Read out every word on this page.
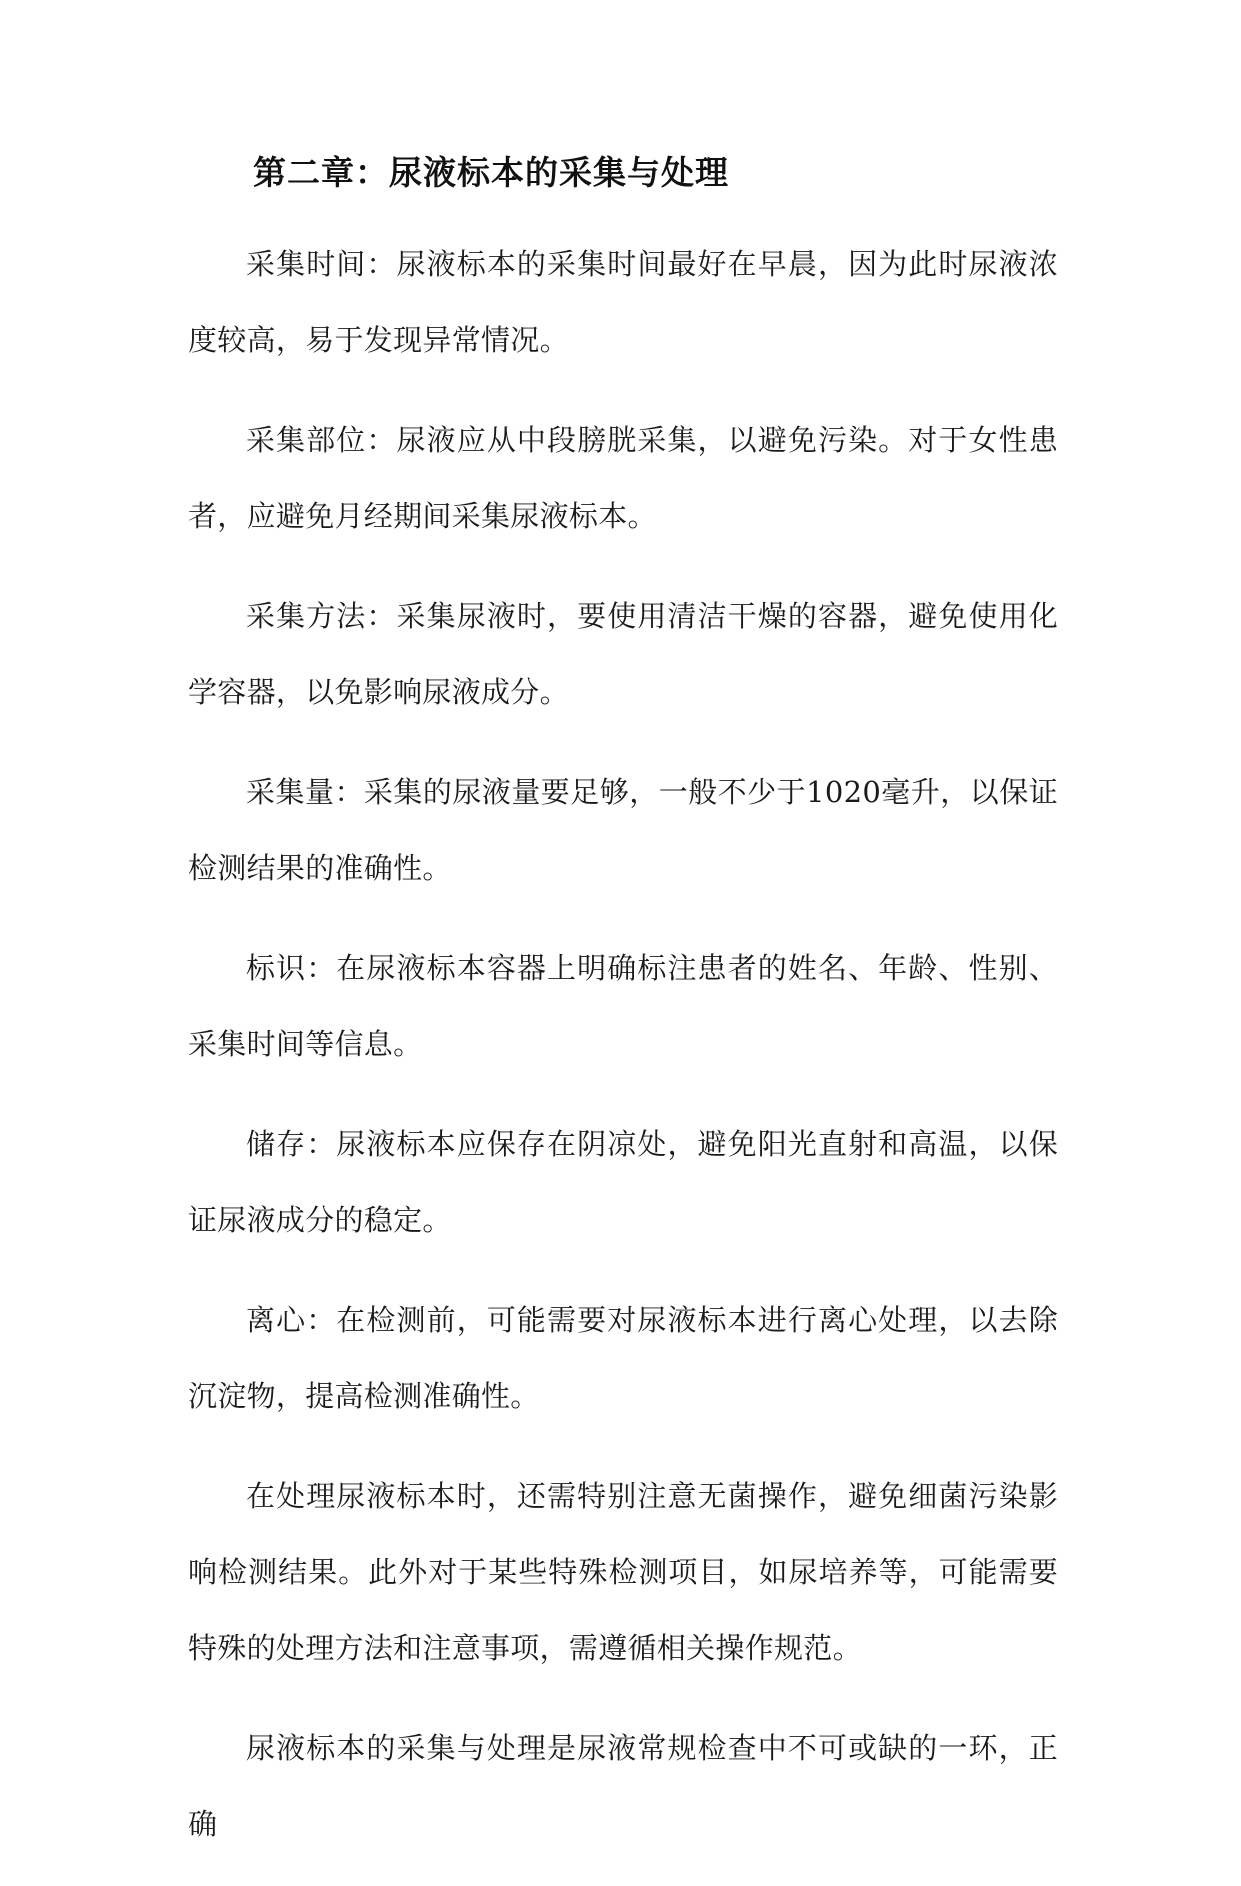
第二章：尿液标本的采集与处理

采集时间：尿液标本的采集时间最好在早晨，因为此时尿液浓度较高，易于发现异常情况。

采集部位：尿液应从中段膀胱采集，以避免污染。对于女性患者，应避免月经期间采集尿液标本。

采集方法：采集尿液时，要使用清洁干燥的容器，避免使用化学容器，以免影响尿液成分。

采集量：采集的尿液量要足够，一般不少于1020毫升，以保证检测结果的准确性。

标识：在尿液标本容器上明确标注患者的姓名、年龄、性别、采集时间等信息。

储存：尿液标本应保存在阴凉处，避免阳光直射和高温，以保证尿液成分的稳定。

离心：在检测前，可能需要对尿液标本进行离心处理，以去除沉淀物，提高检测准确性。

在处理尿液标本时，还需特别注意无菌操作，避免细菌污染影响检测结果。此外对于某些特殊检测项目，如尿培养等，可能需要特殊的处理方法和注意事项，需遵循相关操作规范。

尿液标本的采集与处理是尿液常规检查中不可或缺的一环，正确
